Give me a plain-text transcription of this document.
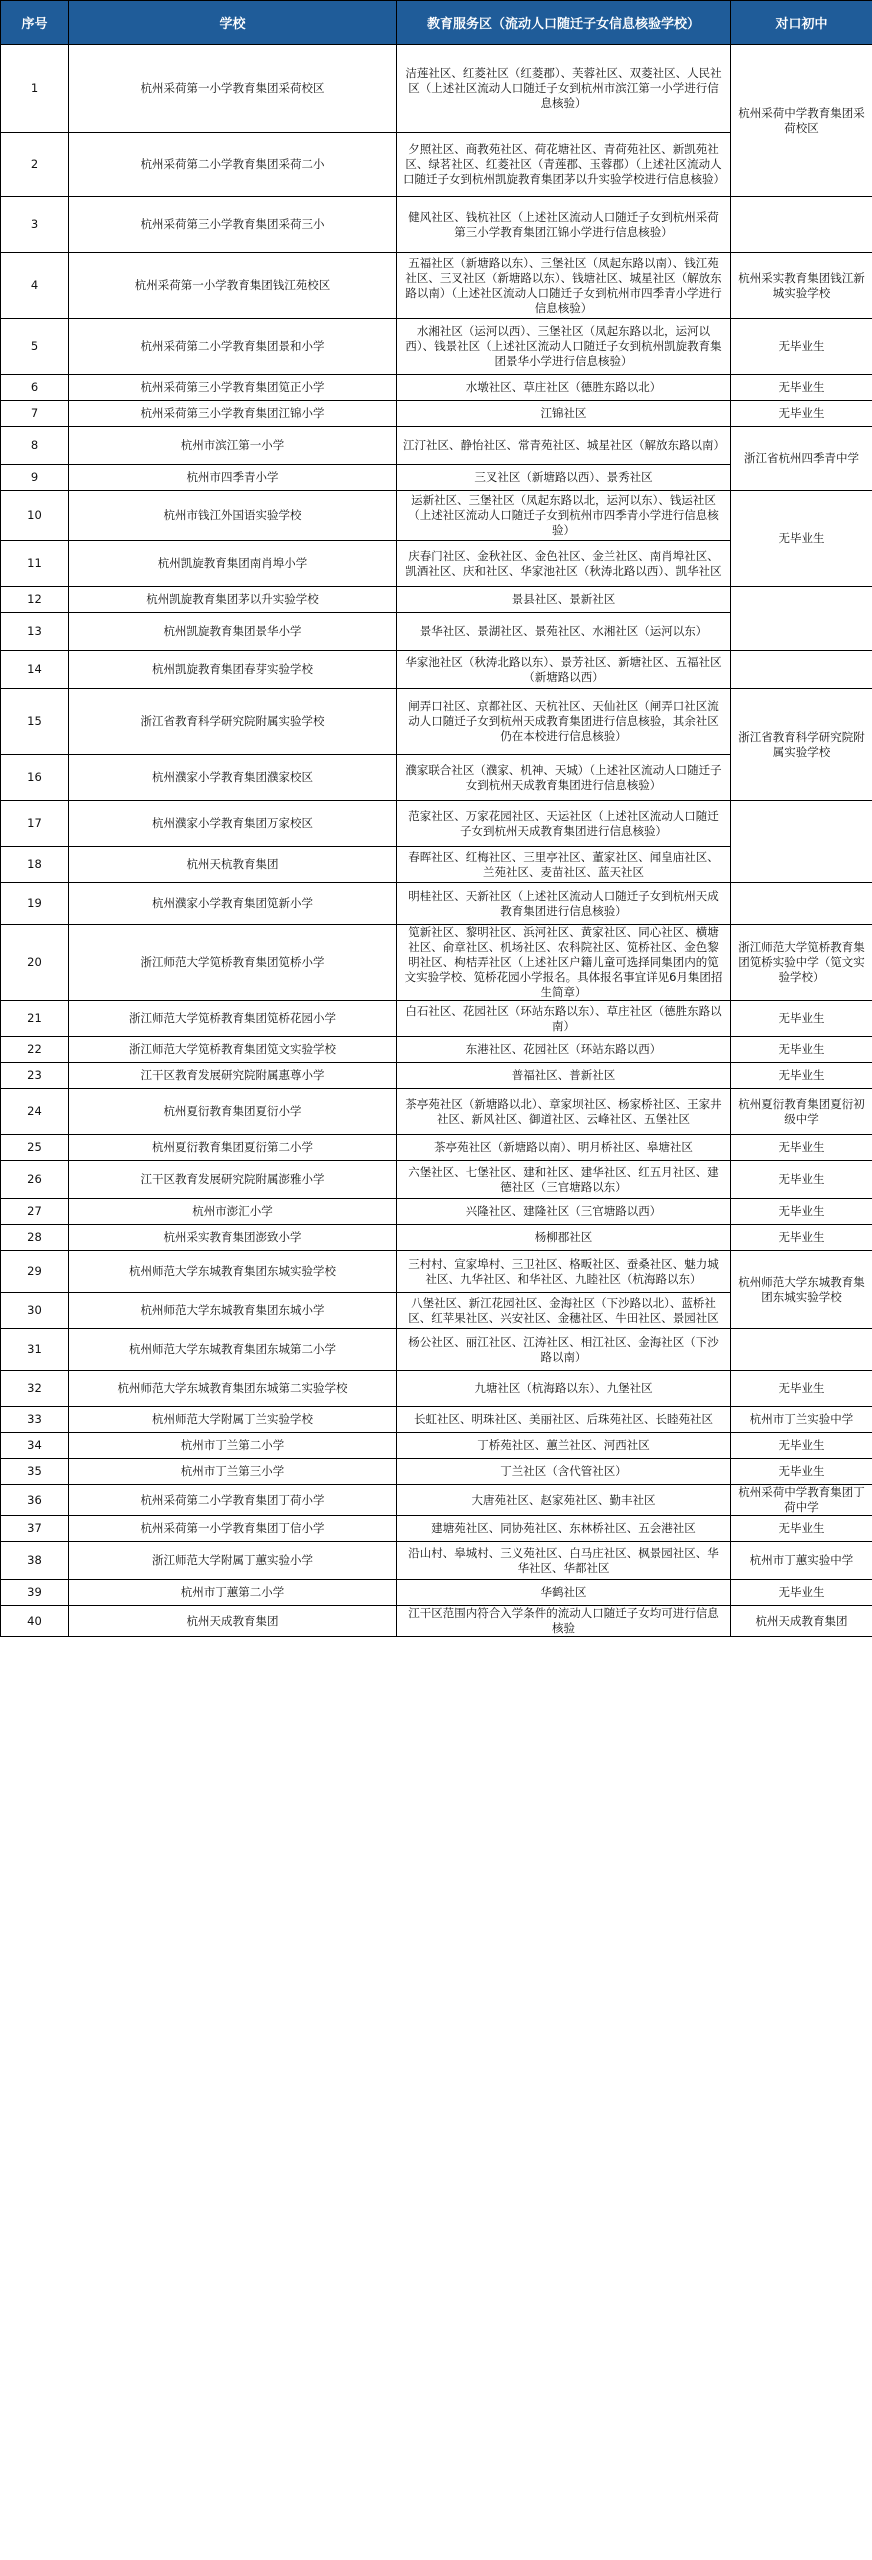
序号	学校	教育服务区（流动人口随迁子女信息核验学校）	对口初中
1	杭州采荷第一小学教育集团采荷校区	洁莲社区、红菱社区（红菱郡）、芙蓉社区、双菱社区、人民社区（上述社区流动人口随迁子女到杭州市滨江第一小学进行信息核验）	杭州采荷中学教育集团采荷校区
2	杭州采荷第二小学教育集团采荷二小	夕照社区、商教苑社区、荷花塘社区、青荷苑社区、新凯苑社区、绿茗社区、红菱社区（青莲郡、玉蓉郡）（上述社区流动人口随迁子女到杭州凯旋教育集团茅以升实验学校进行信息核验）	
3	杭州采荷第三小学教育集团采荷三小	健风社区、钱杭社区（上述社区流动人口随迁子女到杭州采荷第三小学教育集团江锦小学进行信息核验）	
4	杭州采荷第一小学教育集团钱江苑校区	五福社区（新塘路以东）、三堡社区（凤起东路以南）、钱江苑社区、三叉社区（新塘路以东）、钱塘社区、城星社区（解放东路以南）（上述社区流动人口随迁子女到杭州市四季青小学进行信息核验）	杭州采实教育集团钱江新城实验学校
5	杭州采荷第二小学教育集团景和小学	水湘社区（运河以西）、三堡社区（凤起东路以北，运河以西）、钱景社区（上述社区流动人口随迁子女到杭州凯旋教育集团景华小学进行信息核验）	无毕业生
6	杭州采荷第三小学教育集团笕正小学	水墩社区、草庄社区（德胜东路以北）	无毕业生
7	杭州采荷第三小学教育集团江锦小学	江锦社区	无毕业生
8	杭州市滨江第一小学	江汀社区、静怡社区、常青苑社区、城星社区（解放东路以南）	浙江省杭州四季青中学
9	杭州市四季青小学	三叉社区（新塘路以西）、景秀社区	
10	杭州市钱江外国语实验学校	运新社区、三堡社区（凤起东路以北，运河以东）、钱运社区（上述社区流动人口随迁子女到杭州市四季青小学进行信息核验）	无毕业生
11	杭州凯旋教育集团南肖埠小学	庆春门社区、金秋社区、金色社区、金兰社区、南肖埠社区、凯酒社区、庆和社区、华家池社区（秋涛北路以西）、凯华社区	
12	杭州凯旋教育集团茅以升实验学校	景县社区、景新社区	
13	杭州凯旋教育集团景华小学	景华社区、景湖社区、景苑社区、水湘社区（运河以东）	
14	杭州凯旋教育集团春芽实验学校	华家池社区（秋涛北路以东）、景芳社区、新塘社区、五福社区（新塘路以西）	
15	浙江省教育科学研究院附属实验学校	闸弄口社区、京都社区、天杭社区、天仙社区（闸弄口社区流动人口随迁子女到杭州天成教育集团进行信息核验，其余社区仍在本校进行信息核验）	浙江省教育科学研究院附属实验学校
16	杭州濮家小学教育集团濮家校区	濮家联合社区（濮家、机神、天城）（上述社区流动人口随迁子女到杭州天成教育集团进行信息核验）	
17	杭州濮家小学教育集团万家校区	范家社区、万家花园社区、天运社区（上述社区流动人口随迁子女到杭州天成教育集团进行信息核验）	
18	杭州天杭教育集团	春晖社区、红梅社区、三里亭社区、董家社区、闻皇庙社区、兰苑社区、麦苗社区、蓝天社区	
19	杭州濮家小学教育集团笕新小学	明桂社区、天新社区（上述社区流动人口随迁子女到杭州天成教育集团进行信息核验）	
20	浙江师范大学笕桥教育集团笕桥小学	笕新社区、黎明社区、浜河社区、黄家社区、同心社区、横塘社区、俞章社区、机场社区、农科院社区、笕桥社区、金色黎明社区、枸桔弄社区（上述社区户籍儿童可选择同集团内的笕文实验学校、笕桥花园小学报名。具体报名事宜详见6月集团招生简章）	浙江师范大学笕桥教育集团笕桥实验中学（笕文实验学校）
21	浙江师范大学笕桥教育集团笕桥花园小学	白石社区、花园社区（环站东路以东）、草庄社区（德胜东路以南）	无毕业生
22	浙江师范大学笕桥教育集团笕文实验学校	东港社区、花园社区（环站东路以西）	无毕业生
23	江干区教育发展研究院附属惠尊小学	普福社区、普新社区	无毕业生
24	杭州夏衍教育集团夏衍小学	茶亭苑社区（新塘路以北）、章家坝社区、杨家桥社区、王家井社区、新风社区、御道社区、云峰社区、五堡社区	杭州夏衍教育集团夏衍初级中学
25	杭州夏衍教育集团夏衍第二小学	茶亭苑社区（新塘路以南）、明月桥社区、皋塘社区	无毕业生
26	江干区教育发展研究院附属澎雅小学	六堡社区、七堡社区、建和社区、建华社区、红五月社区、建德社区（三官塘路以东）	无毕业生
27	杭州市澎汇小学	兴隆社区、建隆社区（三官塘路以西）	无毕业生
28	杭州采实教育集团澎致小学	杨柳郡社区	无毕业生
29	杭州师范大学东城教育集团东城实验学校	三村村、宣家埠村、三卫社区、格畈社区、蚕桑社区、魅力城社区、九华社区、和华社区、九睦社区（杭海路以东）	杭州师范大学东城教育集团东城实验学校
30	杭州师范大学东城教育集团东城小学	八堡社区、新江花园社区、金海社区（下沙路以北）、蓝桥社区、红苹果社区、兴安社区、金穗社区、牛田社区、景园社区	
31	杭州师范大学东城教育集团东城第二小学	杨公社区、丽江社区、江涛社区、相江社区、金海社区（下沙路以南）	
32	杭州师范大学东城教育集团东城第二实验学校	九塘社区（杭海路以东）、九堡社区	无毕业生
33	杭州师范大学附属丁兰实验学校	长虹社区、明珠社区、美丽社区、后珠苑社区、长睦苑社区	杭州市丁兰实验中学
34	杭州市丁兰第二小学	丁桥苑社区、蕙兰社区、河西社区	无毕业生
35	杭州市丁兰第三小学	丁兰社区（含代管社区）	无毕业生
36	杭州采荷第二小学教育集团丁荷小学	大唐苑社区、赵家苑社区、勤丰社区	杭州采荷中学教育集团丁荷中学
37	杭州采荷第一小学教育集团丁信小学	建塘苑社区、同协苑社区、东林桥社区、五会港社区	无毕业生
38	浙江师范大学附属丁蕙实验小学	沿山村、皋城村、三义苑社区、白马庄社区、枫景园社区、华华社区、华都社区	杭州市丁蕙实验中学
39	杭州市丁蕙第二小学	华鹤社区	无毕业生
40	杭州天成教育集团	江干区范围内符合入学条件的流动人口随迁子女均可进行信息核验	杭州天成教育集团
